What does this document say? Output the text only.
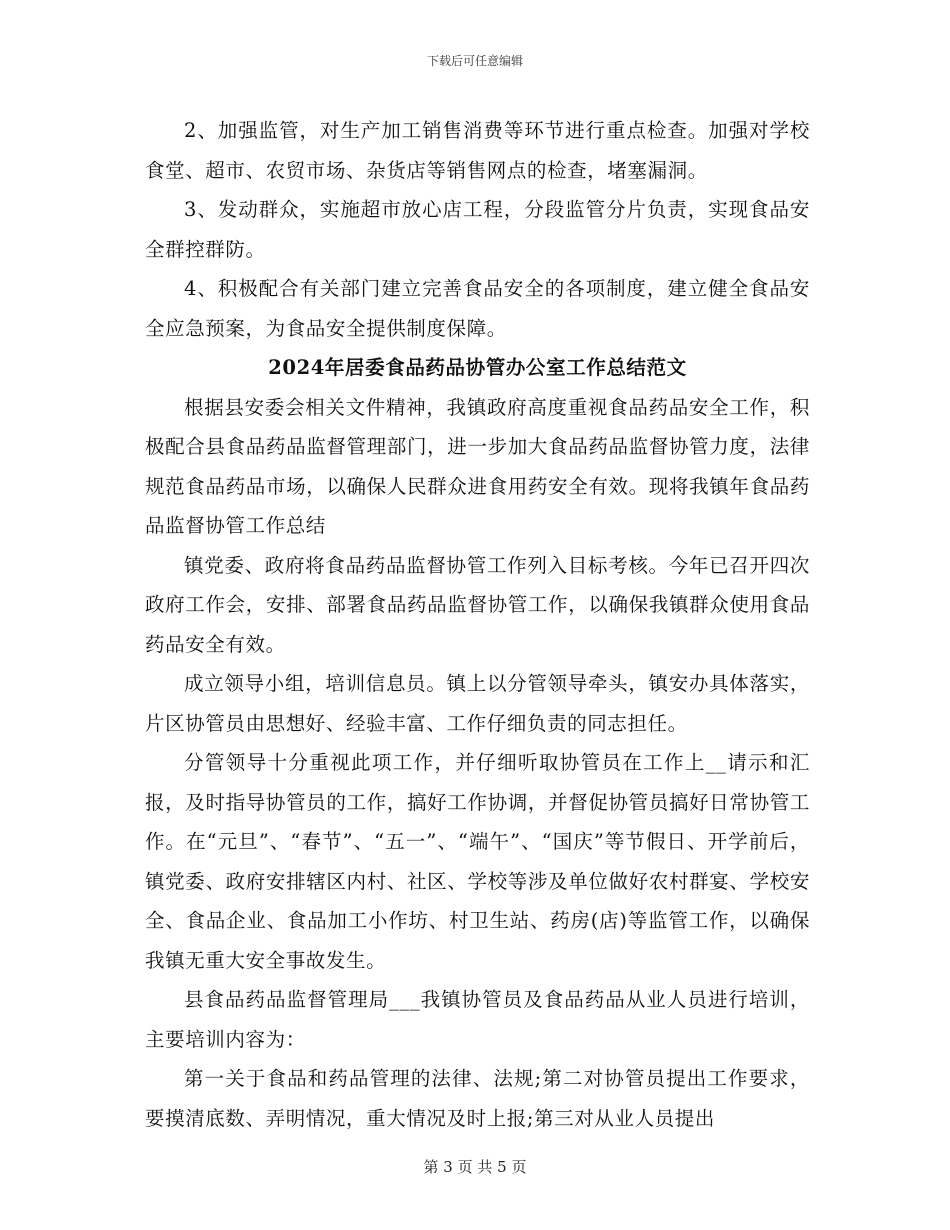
下载后可任意编辑

2、加强监管，对生产加工销售消费等环节进行重点检查。加强对学校食堂、超市、农贸市场、杂货店等销售网点的检查，堵塞漏洞。

3、发动群众，实施超市放心店工程，分段监管分片负责，实现食品安全群控群防。

4、积极配合有关部门建立完善食品安全的各项制度，建立健全食品安全应急预案，为食品安全提供制度保障。

2024年居委食品药品协管办公室工作总结范文

根据县安委会相关文件精神，我镇政府高度重视食品药品安全工作，积极配合县食品药品监督管理部门，进一步加大食品药品监督协管力度，法律规范食品药品市场，以确保人民群众进食用药安全有效。现将我镇年食品药品监督协管工作总结

镇党委、政府将食品药品监督协管工作列入目标考核。今年已召开四次政府工作会，安排、部署食品药品监督协管工作，以确保我镇群众使用食品药品安全有效。

成立领导小组，培训信息员。镇上以分管领导牵头，镇安办具体落实，片区协管员由思想好、经验丰富、工作仔细负责的同志担任。

分管领导十分重视此项工作，并仔细听取协管员在工作上__请示和汇报，及时指导协管员的工作，搞好工作协调，并督促协管员搞好日常协管工作。在“元旦”、“春节”、“五一”、“端午”、“国庆”等节假日、开学前后，镇党委、政府安排辖区内村、社区、学校等涉及单位做好农村群宴、学校安全、食品企业、食品加工小作坊、村卫生站、药房(店)等监管工作，以确保我镇无重大安全事故发生。

县食品药品监督管理局___我镇协管员及食品药品从业人员进行培训，主要培训内容为：

第一关于食品和药品管理的法律、法规;第二对协管员提出工作要求，要摸清底数、弄明情况，重大情况及时上报;第三对从业人员提出

第 3 页 共 5 页
